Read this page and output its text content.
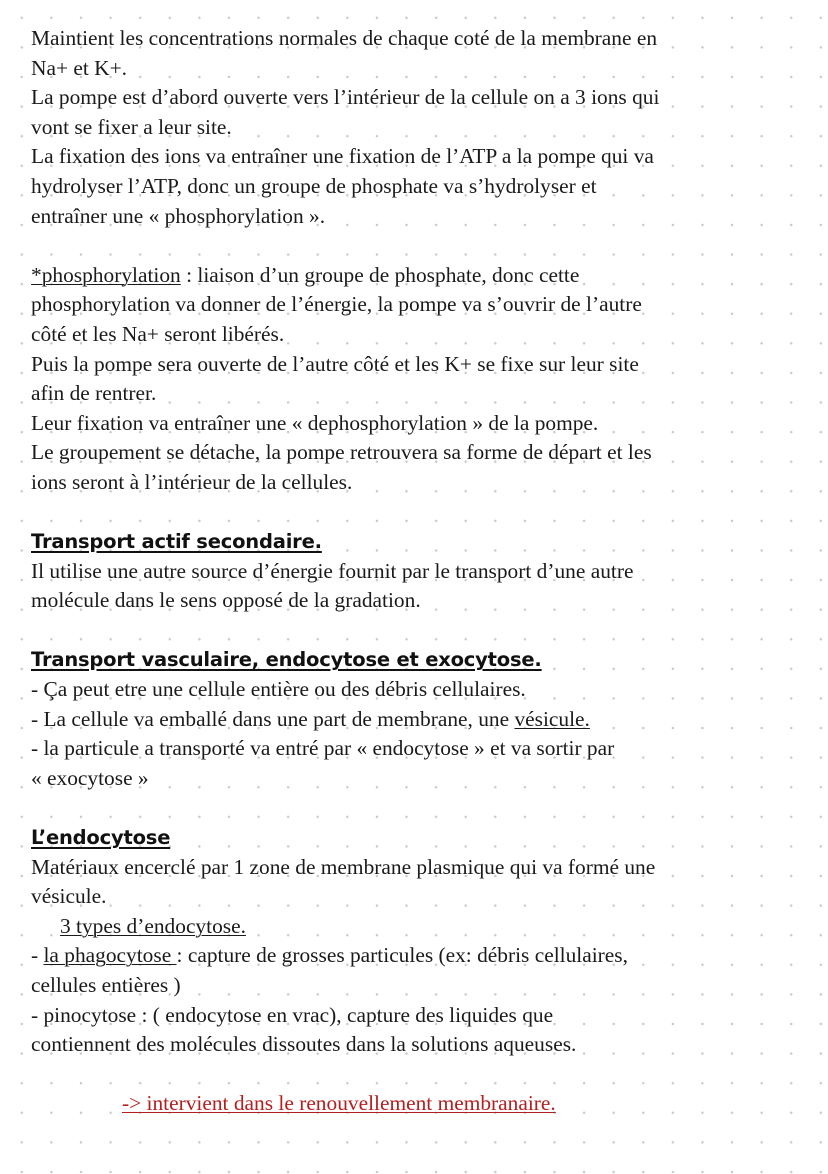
Maintient les concentrations normales de chaque coté de la membrane en
Na+ et K+.
La pompe est d’abord ouverte vers l’intérieur de la cellule on a 3 ions qui
vont se fixer a leur site.
La fixation des ions va entraîner une fixation de l’ATP a la pompe qui va
hydrolyser l’ATP, donc un groupe de phosphate va s’hydrolyser et
entraîner une « phosphorylation ».
*phosphorylation : liaison d’un groupe de phosphate, donc cette
phosphorylation va donner de l’énergie, la pompe va s’ouvrir de l’autre
côté et les Na+ seront libérés.
Puis la pompe sera ouverte de l’autre côté et les K+ se fixe sur leur site
afin de rentrer.
Leur fixation va entraîner une « dephosphorylation » de la pompe.
Le groupement se détache, la pompe retrouvera sa forme de départ et les
ions seront à l’intérieur de la cellules.
Transport actif secondaire.
Il utilise une autre source d’énergie fournit par le transport d’une autre
molécule dans le sens opposé de la gradation.
Transport vasculaire, endocytose et exocytose.
- Ça peut etre une cellule entière ou des débris cellulaires.
- La cellule va emballé dans une part de membrane, une vésicule.
- la particule a transporté va entré par « endocytose » et va sortir par
« exocytose »
L’endocytose
Matériaux encerclé par 1 zone de membrane plasmique qui va formé une
vésicule.
3 types d’endocytose.
- la phagocytose : capture de grosses particules (ex: débris cellulaires,
cellules entières )
- pinocytose : ( endocytose en vrac), capture des liquides que
contiennent des molécules dissoutes dans la solutions aqueuses.
-> intervient dans le renouvellement membranaire.
